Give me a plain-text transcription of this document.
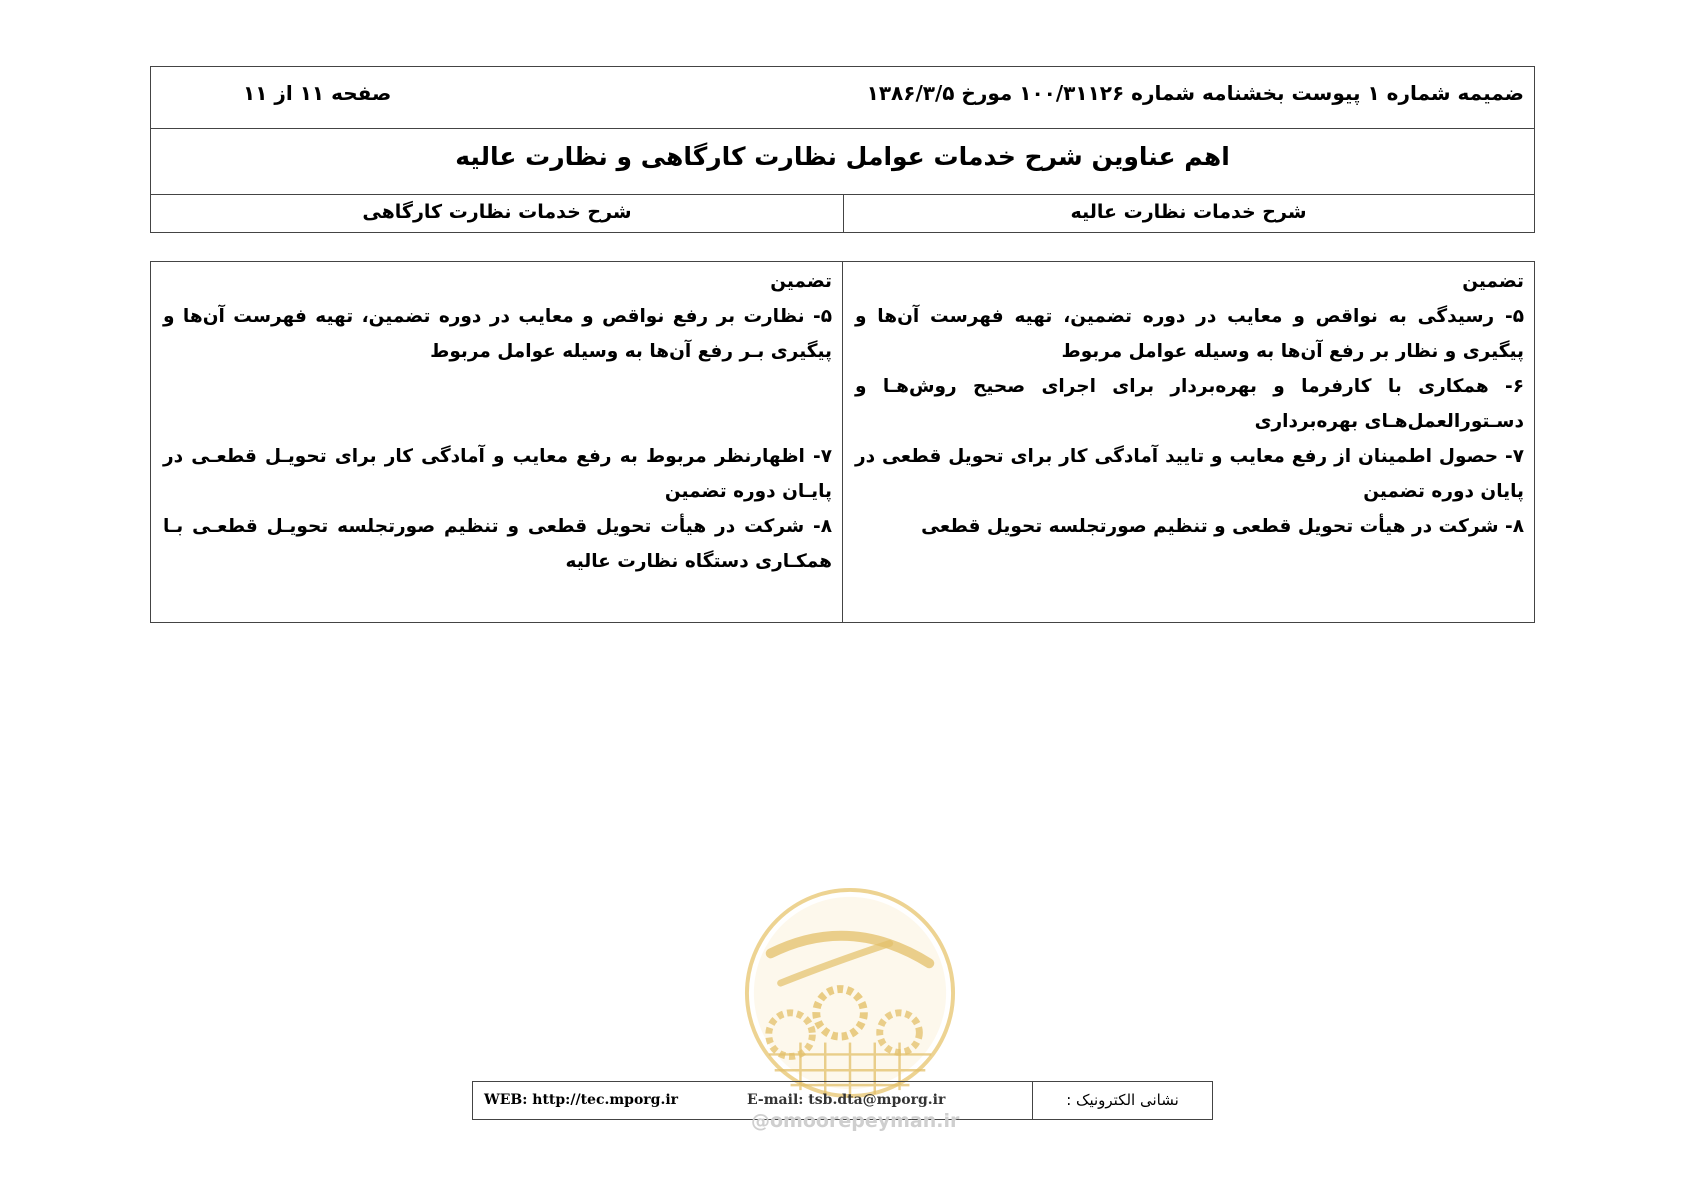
ضمیمه شماره ۱ پیوست بخشنامه شماره ۱۰۰/۳۱۱۲۶ مورخ ۱۳۸۶/۳/۵
صفحه ۱۱ از ۱۱
اهم عناوین شرح خدمات عوامل نظارت کارگاهی و نظارت عالیه
شرح خدمات نظارت عالیه
شرح خدمات نظارت کارگاهی

تضمین

۵- رسیدگی به نواقص و معایب در دوره تضمین، تهیه فهرست آن‌ها و پیگیری و نظار بر رفع آن‌ها به وسیله عوامل مربوط

۶- همکاری با کارفرما و بهره‌بردار برای اجرای صحیح روش‌هـا و دسـتورالعمل‌هـای بهره‌برداری

۷- حصول اطمینان از رفع معایب و تایید آمادگی کار برای تحویل قطعی در پایان دوره تضمین

۸- شرکت در هیأت تحویل قطعی و تنظیم صورتجلسه تحویل قطعی

تضمین

۵- نظارت بر رفع نواقص و معایب در دوره تضمین، تهیه فهرست آن‌ها و پیگیری بـر رفع آن‌ها به وسیله عوامل مربوط

۷- اظهارنظر مربوط به رفع معایب و آمادگی کار برای تحویـل قطعـی در پایـان دوره تضمین

۸- شرکت در هیأت تحویل قطعی و تنظیم صورتجلسه تحویـل قطعـی بـا همکـاری دستگاه نظارت عالیه

WEB: http://tec.mporg.ir	E-mail: tsb.dta@mporg.ir	نشانی الکترونیک :
@omoorepeyman.ir
